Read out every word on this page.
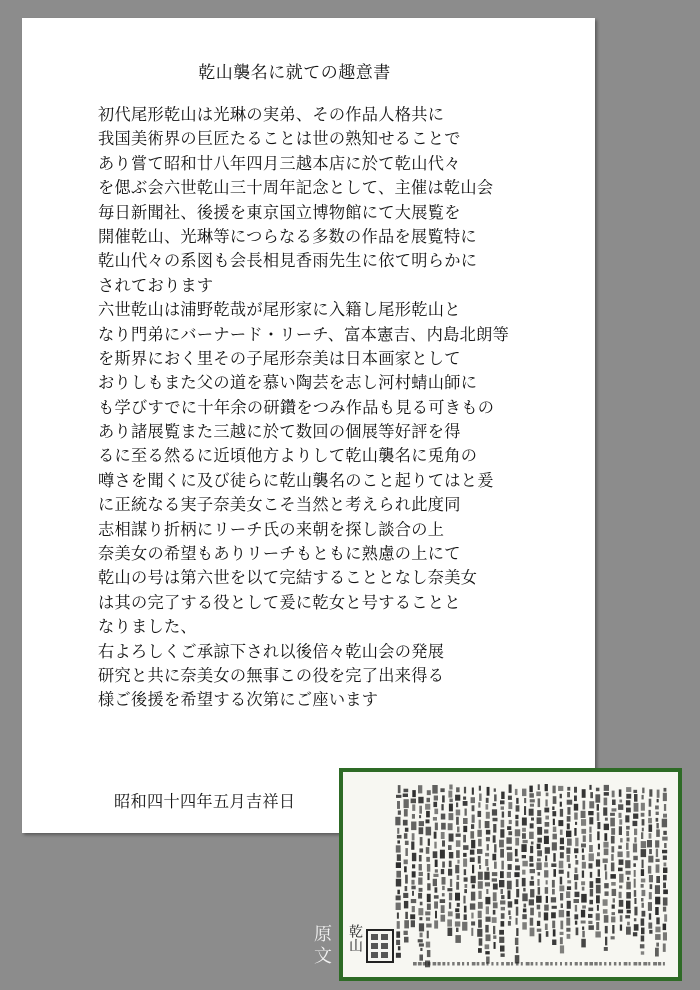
乾山襲名に就ての趣意書
初代尾形乾山は光琳の実弟、その作品人格共に
我国美術界の巨匠たることは世の熟知せることで
あり嘗て昭和廿八年四月三越本店に於て乾山代々
を偲ぶ会六世乾山三十周年記念として、主催は乾山会
毎日新聞社、後援を東京国立博物館にて大展覧を
開催乾山、光琳等につらなる多数の作品を展覧特に
乾山代々の系図も会長相見香雨先生に依て明らかに
されております
六世乾山は浦野乾哉が尾形家に入籍し尾形乾山と
なり門弟にバーナード・リーチ、富本憲吉、内島北朗等
を斯界におく里その子尾形奈美は日本画家として
おりしもまた父の道を慕い陶芸を志し河村蜻山師に
も学びすでに十年余の研鑽をつみ作品も見る可きもの
あり諸展覧また三越に於て数回の個展等好評を得
るに至る然るに近頃他方よりして乾山襲名に兎角の
噂さを聞くに及び徒らに乾山襲名のこと起りてはと爰
に正統なる実子奈美女こそ当然と考えられ此度同
志相謀り折柄にリーチ氏の来朝を探し談合の上
奈美女の希望もありリーチもともに熟慮の上にて
乾山の号は第六世を以て完結することとなし奈美女
は其の完了する役として爰に乾女と号することと
なりました、
右よろしくご承諒下され以後倍々乾山会の発展
研究と共に奈美女の無事この役を完了出来得る
様ご後援を希望する次第にご座います
昭和四十四年五月吉祥日
原文
乾山
